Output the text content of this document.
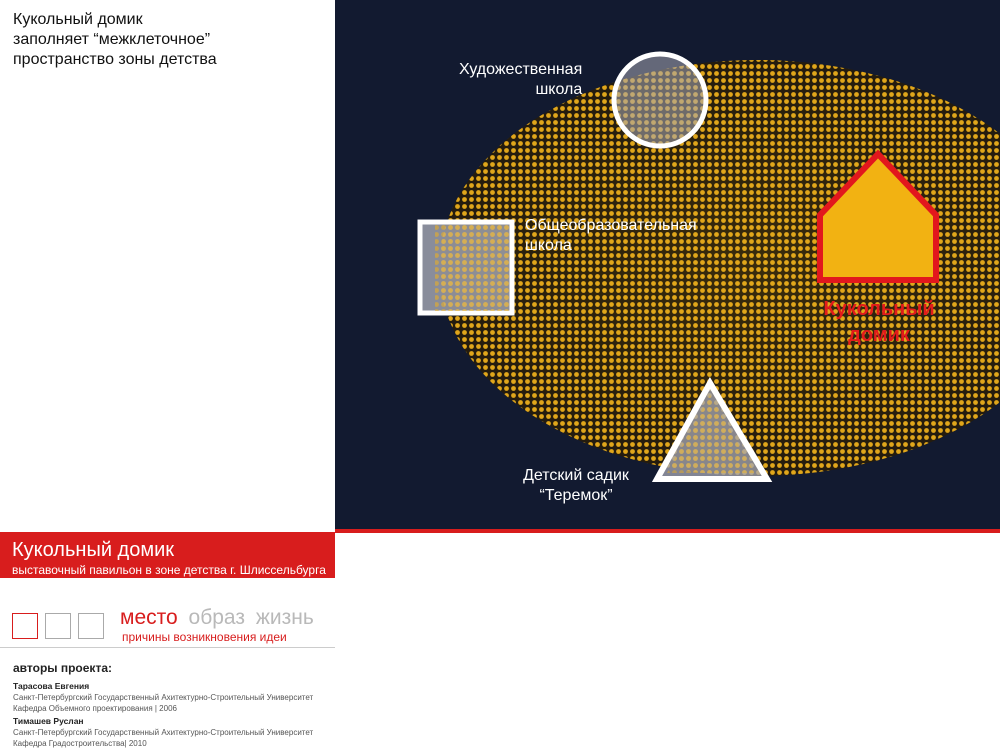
Кукольный домик
заполняет “межклеточное”
пространство зоны детства
Художественная
школа
Общеобразовательная
школа
Кукольный
домик
Детский садик
“Теремок”
Кукольный домик
выставочный павильон в зоне детства г. Шлиссельбурга
место образ жизнь
причины возникновения идеи
авторы проекта:
Тарасова Евгения
Санкт-Петербургский Государственный Ахитектурно-Строительный Университет
Кафедра Объемного проектирования | 2006
Тимашев Руслан
Санкт-Петербургский Государственный Ахитектурно-Строительный Университет
Кафедра Градостроительства| 2010
